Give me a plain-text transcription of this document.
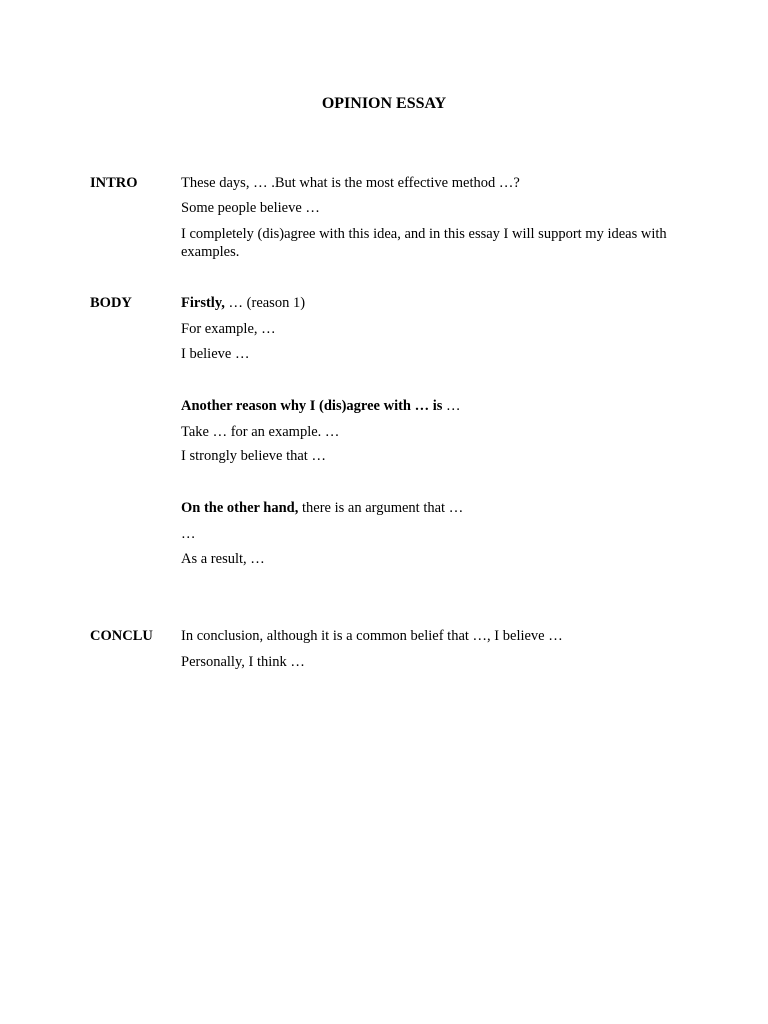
OPINION ESSAY
INTRO	These days, … .But what is the most effective method …?
Some people believe …
I completely (dis)agree with this idea, and in this essay I will support my ideas with examples.
BODY	Firstly, … (reason 1)
For example, …
I believe …
Another reason why I (dis)agree with … is …
Take … for an example. …
I strongly believe that …
On the other hand, there is an argument that …
…
As a result, …
CONCLU In conclusion, although it is a common belief that …, I believe …
Personally, I think …
